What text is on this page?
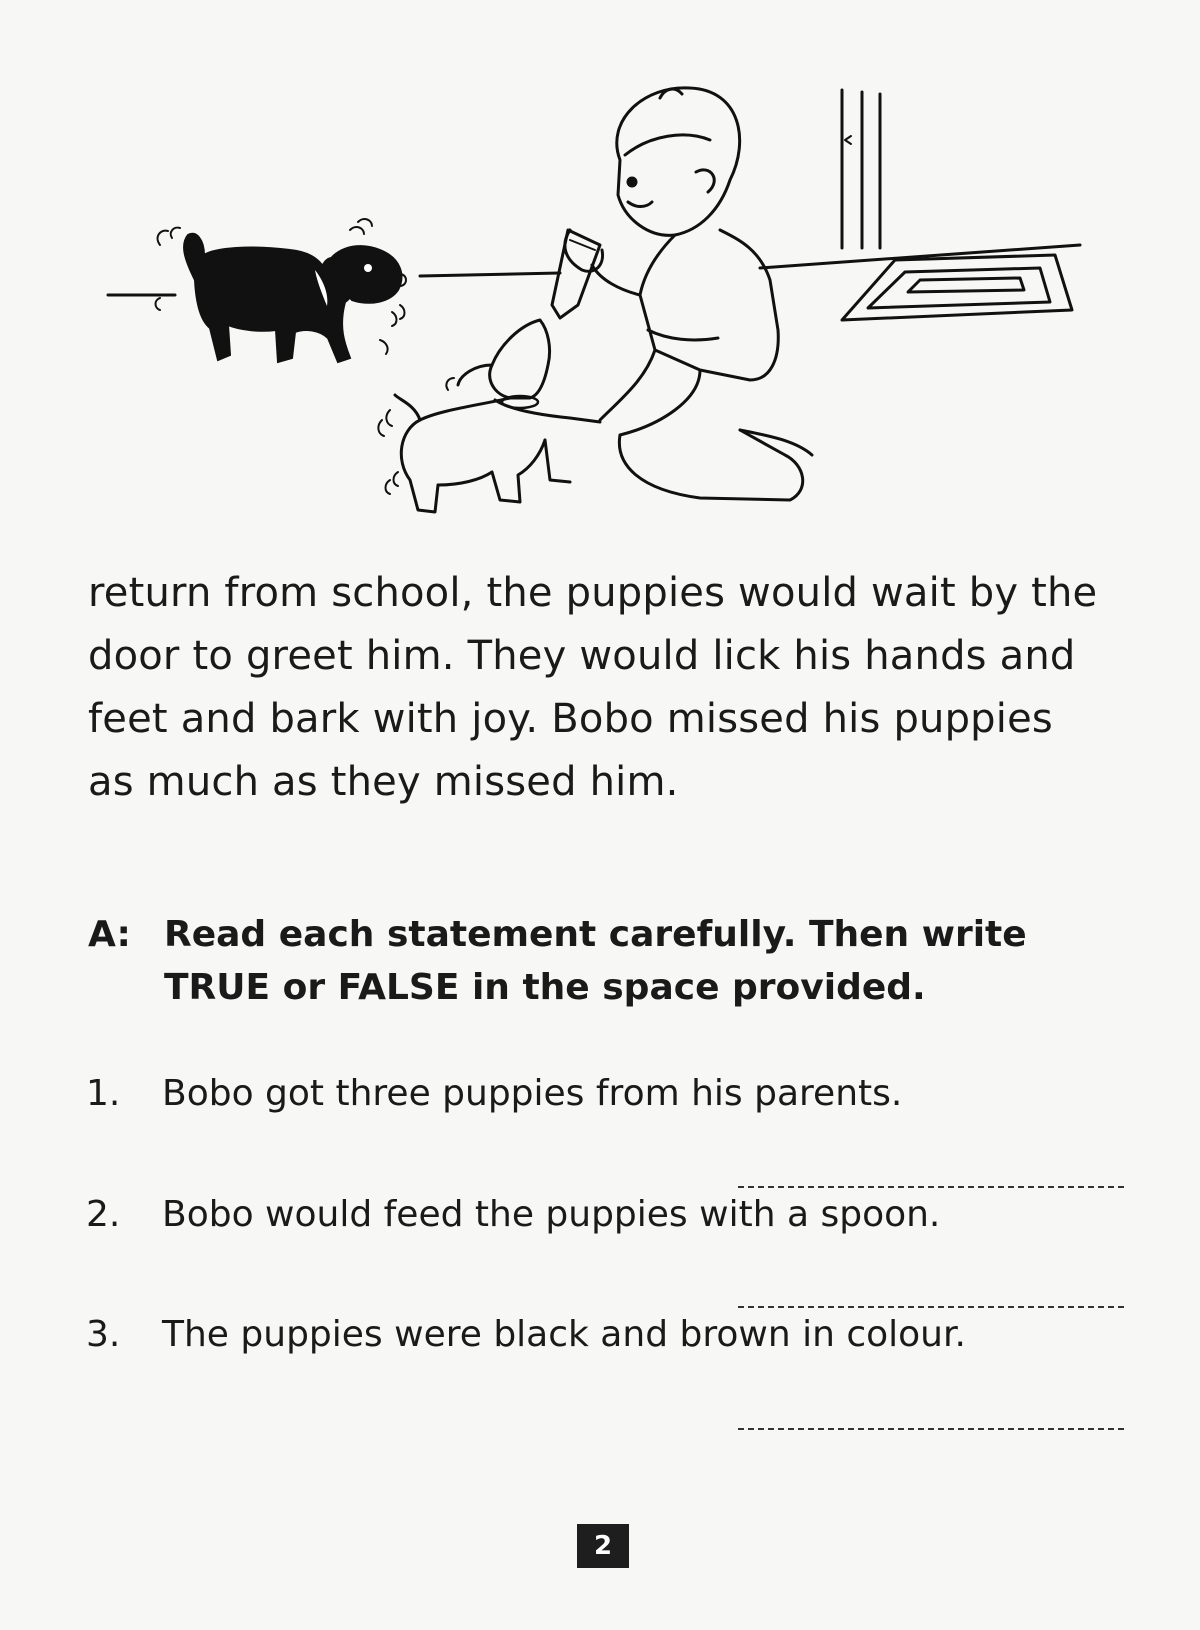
return from school, the puppies would wait by the
door to greet him. They would lick his hands and
feet and bark with joy. Bobo missed his puppies
as much as they missed him.
A: Read each statement carefully. Then write
TRUE or FALSE in the space provided.
1. Bobo got three puppies from his parents.
2. Bobo would feed the puppies with a spoon.
3. The puppies were black and brown in colour.
2
